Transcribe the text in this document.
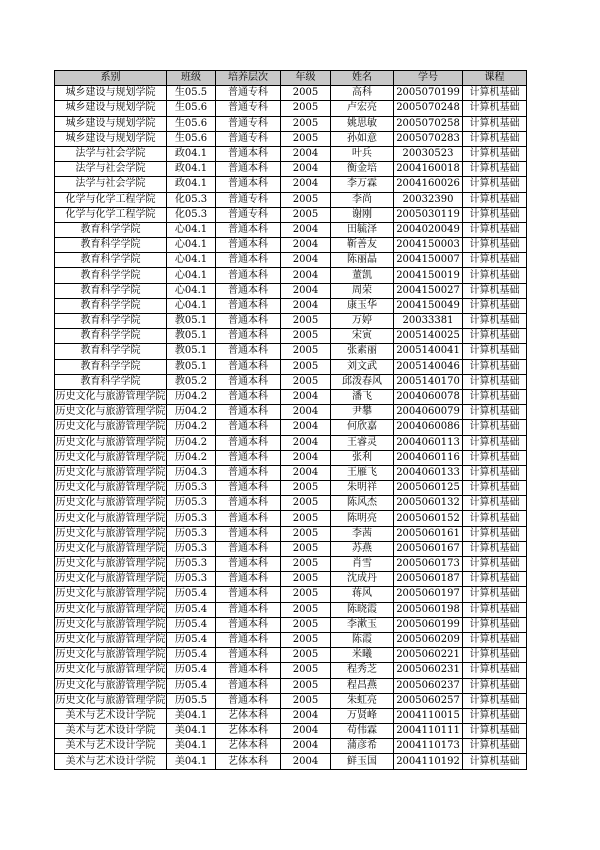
系别	班级	培养层次	年级	姓名	学号	课程
城乡建设与规划学院	生05.5	普通专科	2005	高科	2005070199	计算机基础
城乡建设与规划学院	生05.6	普通专科	2005	卢宏亮	2005070248	计算机基础
城乡建设与规划学院	生05.6	普通专科	2005	姚思敏	2005070258	计算机基础
城乡建设与规划学院	生05.6	普通专科	2005	孙如意	2005070283	计算机基础
法学与社会学院	政04.1	普通本科	2004	叶兵	20030523	计算机基础
法学与社会学院	政04.1	普通本科	2004	衡金培	2004160018	计算机基础
法学与社会学院	政04.1	普通本科	2004	李万霖	2004160026	计算机基础
化学与化学工程学院	化05.3	普通专科	2005	李尚	20032390	计算机基础
化学与化学工程学院	化05.3	普通专科	2005	谢刚	2005030119	计算机基础
教育科学学院	心04.1	普通本科	2004	田毓泽	2004020049	计算机基础
教育科学学院	心04.1	普通本科	2004	靳善友	2004150003	计算机基础
教育科学学院	心04.1	普通本科	2004	陈丽晶	2004150007	计算机基础
教育科学学院	心04.1	普通本科	2004	董凯	2004150019	计算机基础
教育科学学院	心04.1	普通本科	2004	周荣	2004150027	计算机基础
教育科学学院	心04.1	普通本科	2004	康玉华	2004150049	计算机基础
教育科学学院	教05.1	普通本科	2005	万婷	20033381	计算机基础
教育科学学院	教05.1	普通本科	2005	宋寅	2005140025	计算机基础
教育科学学院	教05.1	普通本科	2005	张素丽	2005140041	计算机基础
教育科学学院	教05.1	普通本科	2005	刘文武	2005140046	计算机基础
教育科学学院	教05.2	普通本科	2005	邱泼春风	2005140170	计算机基础
历史文化与旅游管理学院	历04.2	普通本科	2004	潘飞	2004060078	计算机基础
历史文化与旅游管理学院	历04.2	普通本科	2004	尹攀	2004060079	计算机基础
历史文化与旅游管理学院	历04.2	普通本科	2004	何欣嘉	2004060086	计算机基础
历史文化与旅游管理学院	历04.2	普通本科	2004	王睿灵	2004060113	计算机基础
历史文化与旅游管理学院	历04.2	普通本科	2004	张利	2004060116	计算机基础
历史文化与旅游管理学院	历04.3	普通本科	2004	王雁飞	2004060133	计算机基础
历史文化与旅游管理学院	历05.3	普通本科	2005	朱明祥	2005060125	计算机基础
历史文化与旅游管理学院	历05.3	普通本科	2005	陈风杰	2005060132	计算机基础
历史文化与旅游管理学院	历05.3	普通本科	2005	陈明亮	2005060152	计算机基础
历史文化与旅游管理学院	历05.3	普通本科	2005	李茜	2005060161	计算机基础
历史文化与旅游管理学院	历05.3	普通本科	2005	苏燕	2005060167	计算机基础
历史文化与旅游管理学院	历05.3	普通本科	2005	肖雪	2005060173	计算机基础
历史文化与旅游管理学院	历05.3	普通本科	2005	沈成丹	2005060187	计算机基础
历史文化与旅游管理学院	历05.4	普通本科	2005	蒋风	2005060197	计算机基础
历史文化与旅游管理学院	历05.4	普通本科	2005	陈晓霞	2005060198	计算机基础
历史文化与旅游管理学院	历05.4	普通本科	2005	李漱玉	2005060199	计算机基础
历史文化与旅游管理学院	历05.4	普通本科	2005	陈霞	2005060209	计算机基础
历史文化与旅游管理学院	历05.4	普通本科	2005	米曦	2005060221	计算机基础
历史文化与旅游管理学院	历05.4	普通本科	2005	程秀芝	2005060231	计算机基础
历史文化与旅游管理学院	历05.4	普通本科	2005	程昌燕	2005060237	计算机基础
历史文化与旅游管理学院	历05.5	普通本科	2005	朱虹亮	2005060257	计算机基础
美术与艺术设计学院	美04.1	艺体本科	2004	万贤峰	2004110015	计算机基础
美术与艺术设计学院	美04.1	艺体本科	2004	苟伟霖	2004110111	计算机基础
美术与艺术设计学院	美04.1	艺体本科	2004	蒲彦希	2004110173	计算机基础
美术与艺术设计学院	美04.1	艺体本科	2004	鲜玉国	2004110192	计算机基础
